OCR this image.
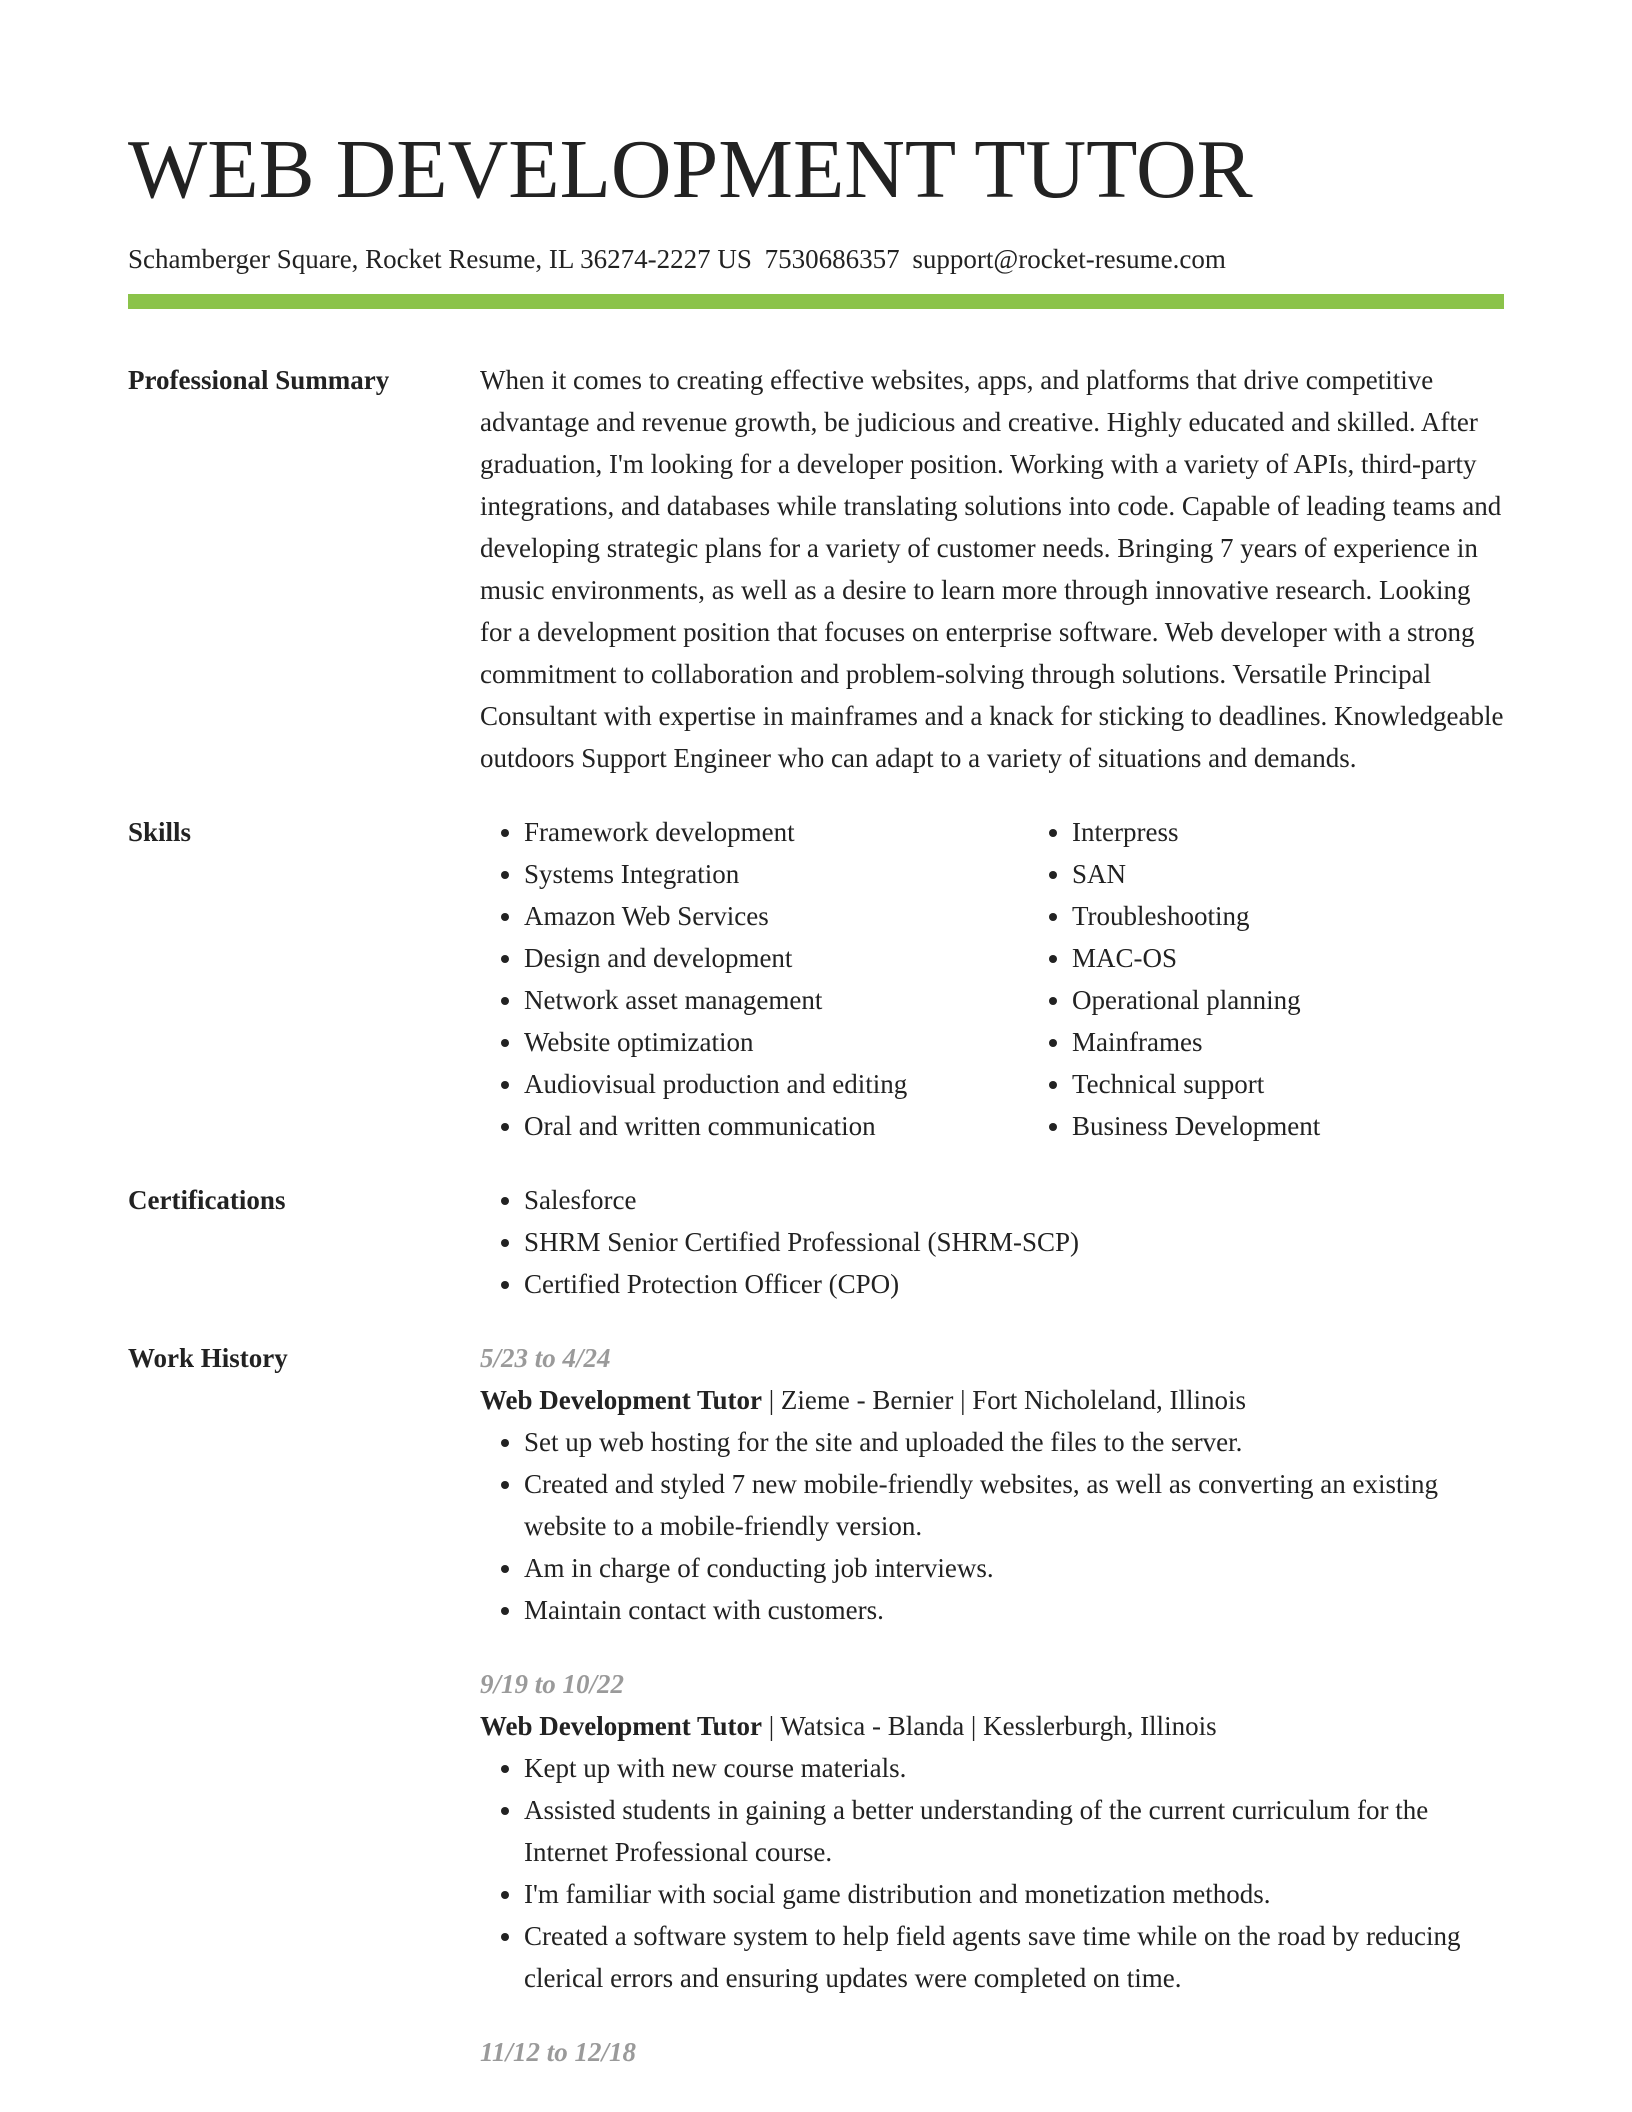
WEB DEVELOPMENT TUTOR
Schamberger Square, Rocket Resume, IL 36274-2227 US 7530686357 support@rocket-resume.com
Professional Summary	When it comes to creating effective websites, apps, and platforms that drive competitive advantage and revenue growth, be judicious and creative. Highly educated and skilled. After graduation, I'm looking for a developer position. Working with a variety of APIs, third-party integrations, and databases while translating solutions into code. Capable of leading teams and developing strategic plans for a variety of customer needs. Bringing 7 years of experience in music environments, as well as a desire to learn more through innovative research. Looking for a development position that focuses on enterprise software. Web developer with a strong commitment to collaboration and problem-solving through solutions. Versatile Principal Consultant with expertise in mainframes and a knack for sticking to deadlines. Knowledgeable outdoors Support Engineer who can adapt to a variety of situations and demands.

Skills	• Framework development
• Systems Integration
• Amazon Web Services
• Design and development
• Network asset management
• Website optimization
• Audiovisual production and editing
• Oral and written communication
• Interpress
• SAN
• Troubleshooting
• MAC-OS
• Operational planning
• Mainframes
• Technical support
• Business Development
Certifications	• Salesforce
• SHRM Senior Certified Professional (SHRM-SCP)
• Certified Protection Officer (CPO)
Work History	5/23 to 4/24
Web Development Tutor | Zieme - Bernier | Fort Nicholeland, Illinois
• Set up web hosting for the site and uploaded the files to the server.
• Created and styled 7 new mobile-friendly websites, as well as converting an existing website to a mobile-friendly version.
• Am in charge of conducting job interviews.
• Maintain contact with customers.
9/19 to 10/22
Web Development Tutor | Watsica - Blanda | Kesslerburgh, Illinois
• Kept up with new course materials.
• Assisted students in gaining a better understanding of the current curriculum for the Internet Professional course.
• I'm familiar with social game distribution and monetization methods.
• Created a software system to help field agents save time while on the road by reducing clerical errors and ensuring updates were completed on time.
11/12 to 12/18
